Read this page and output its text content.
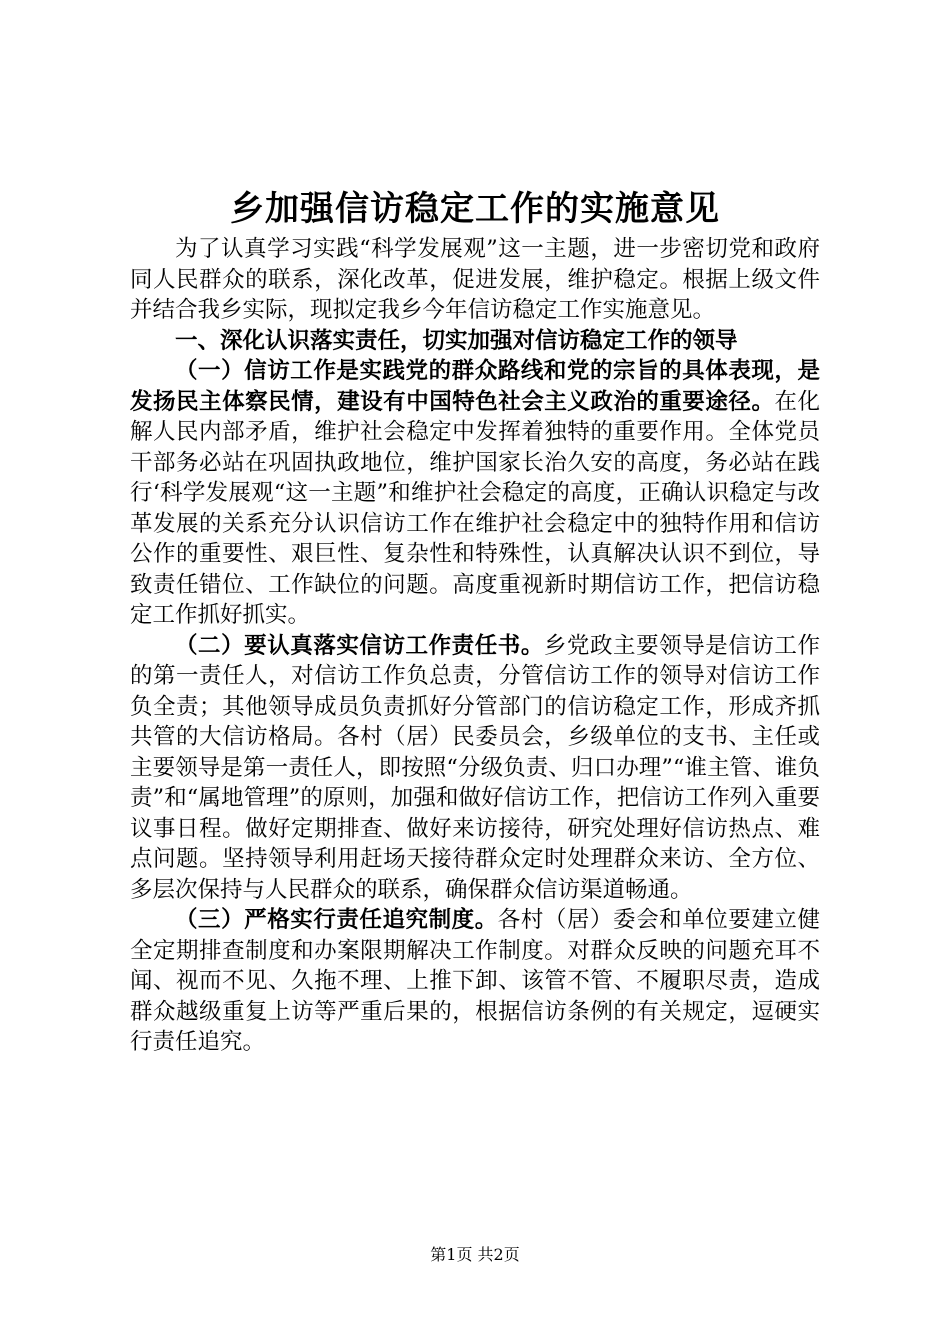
乡加强信访稳定工作的实施意见

为了认真学习实践“科学发展观”这一主题，进一步密切党和政府同人民群众的联系，深化改革，促进发展，维护稳定。根据上级文件并结合我乡实际，现拟定我乡今年信访稳定工作实施意见。

一、深化认识落实责任，切实加强对信访稳定工作的领导

（一）信访工作是实践党的群众路线和党的宗旨的具体表现，是发扬民主体察民情，建设有中国特色社会主义政治的重要途径。在化解人民内部矛盾，维护社会稳定中发挥着独特的重要作用。全体党员干部务必站在巩固执政地位，维护国家长治久安的高度，务必站在践行‘科学发展观“这一主题”和维护社会稳定的高度，正确认识稳定与改革发展的关系充分认识信访工作在维护社会稳定中的独特作用和信访公作的重要性、艰巨性、复杂性和特殊性，认真解决认识不到位，导致责任错位、工作缺位的问题。高度重视新时期信访工作，把信访稳定工作抓好抓实。

（二）要认真落实信访工作责任书。乡党政主要领导是信访工作的第一责任人，对信访工作负总责，分管信访工作的领导对信访工作负全责；其他领导成员负责抓好分管部门的信访稳定工作，形成齐抓共管的大信访格局。各村（居）民委员会，乡级单位的支书、主任或主要领导是第一责任人，即按照“分级负责、归口办理”“谁主管、谁负责”和“属地管理”的原则，加强和做好信访工作，把信访工作列入重要议事日程。做好定期排查、做好来访接待，研究处理好信访热点、难点问题。坚持领导利用赶场天接待群众定时处理群众来访、全方位、多层次保持与人民群众的联系，确保群众信访渠道畅通。

（三）严格实行责任追究制度。各村（居）委会和单位要建立健全定期排查制度和办案限期解决工作制度。对群众反映的问题充耳不闻、视而不见、久拖不理、上推下卸、该管不管、不履职尽责，造成群众越级重复上访等严重后果的，根据信访条例的有关规定，逗硬实行责任追究。

第1页 共2页
